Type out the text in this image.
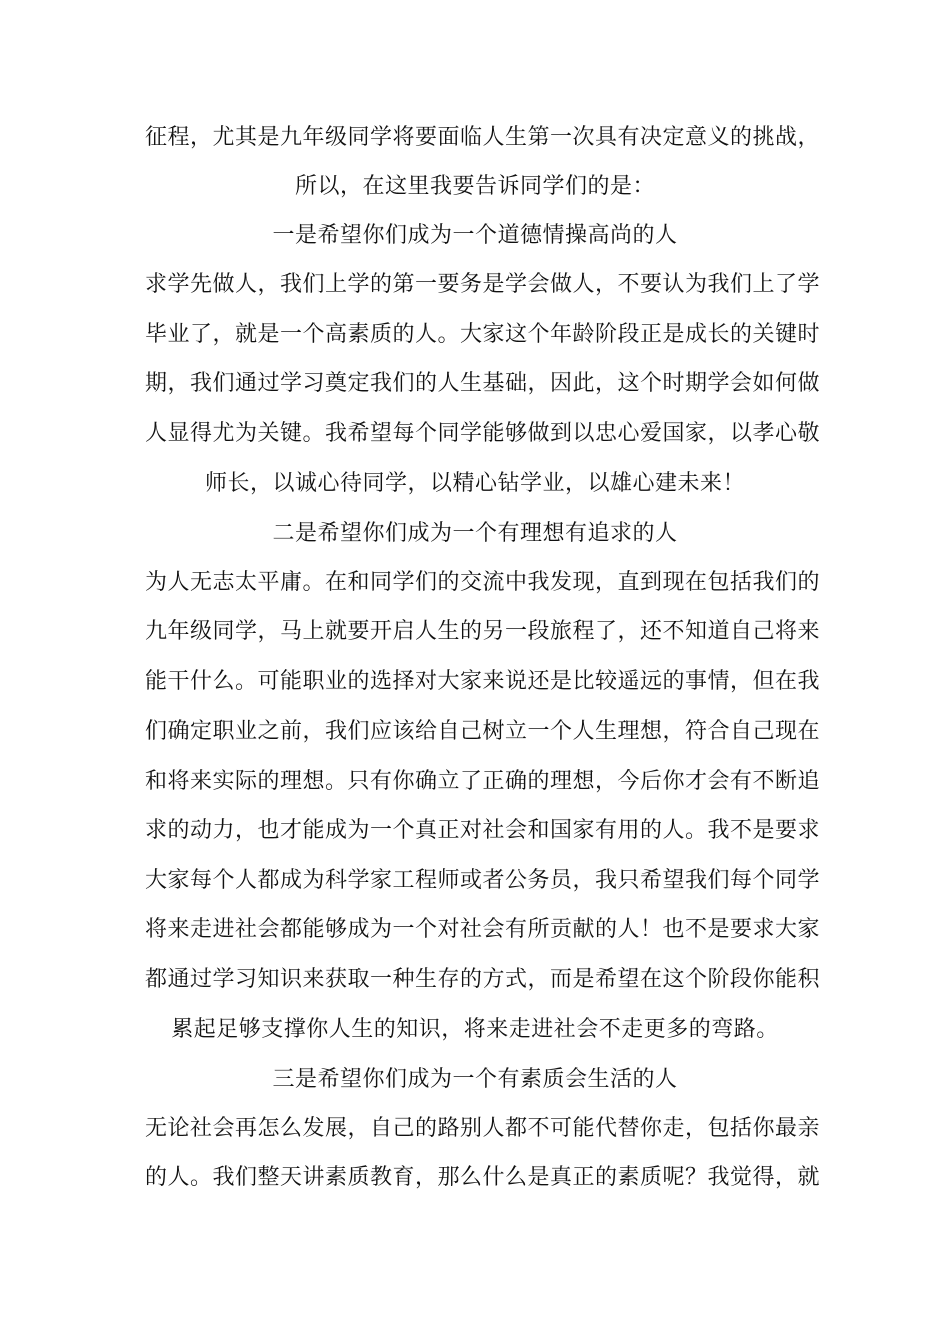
征程，尤其是九年级同学将要面临人生第一次具有决定意义的挑战，
所以，在这里我要告诉同学们的是：
一是希望你们成为一个道德情操高尚的人
求学先做人，我们上学的第一要务是学会做人，不要认为我们上了学
毕业了，就是一个高素质的人。大家这个年龄阶段正是成长的关键时
期，我们通过学习奠定我们的人生基础，因此，这个时期学会如何做
人显得尤为关键。我希望每个同学能够做到以忠心爱国家，以孝心敬
师长，以诚心待同学，以精心钻学业，以雄心建未来！
二是希望你们成为一个有理想有追求的人
为人无志太平庸。在和同学们的交流中我发现，直到现在包括我们的
九年级同学，马上就要开启人生的另一段旅程了，还不知道自己将来
能干什么。可能职业的选择对大家来说还是比较遥远的事情，但在我
们确定职业之前，我们应该给自己树立一个人生理想，符合自己现在
和将来实际的理想。只有你确立了正确的理想，今后你才会有不断追
求的动力，也才能成为一个真正对社会和国家有用的人。我不是要求
大家每个人都成为科学家工程师或者公务员，我只希望我们每个同学
将来走进社会都能够成为一个对社会有所贡献的人！也不是要求大家
都通过学习知识来获取一种生存的方式，而是希望在这个阶段你能积
累起足够支撑你人生的知识，将来走进社会不走更多的弯路。
三是希望你们成为一个有素质会生活的人
无论社会再怎么发展，自己的路别人都不可能代替你走，包括你最亲
的人。我们整天讲素质教育，那么什么是真正的素质呢？我觉得，就
